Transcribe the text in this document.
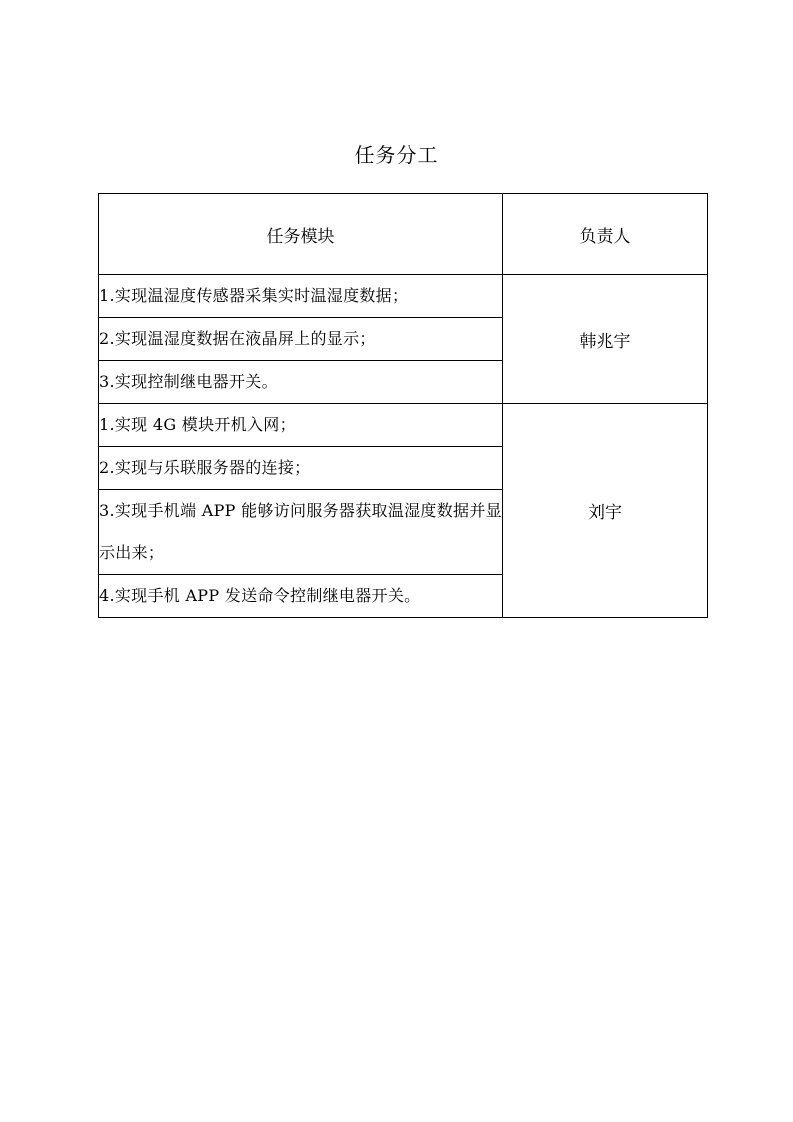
任务分工
任务模块	负责人
1.实现温湿度传感器采集实时温湿度数据；	韩兆宇
2.实现温湿度数据在液晶屏上的显示；	
3.实现控制继电器开关。	
1.实现 4G 模块开机入网；	刘宇
2.实现与乐联服务器的连接；	
3.实现手机端 APP 能够访问服务器获取温湿度数据并显示出来；	
4.实现手机 APP 发送命令控制继电器开关。	
